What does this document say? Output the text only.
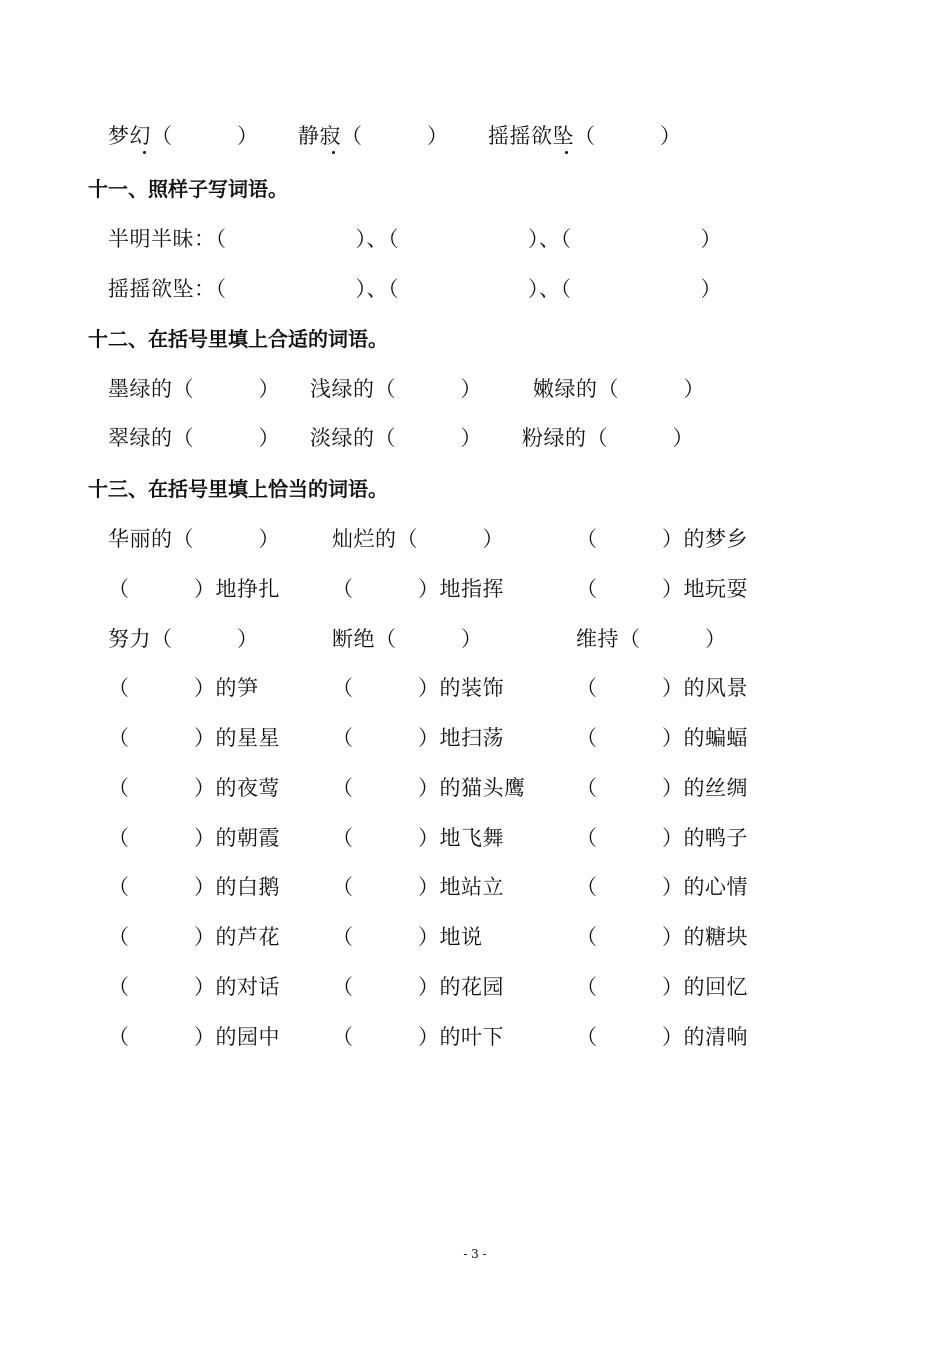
梦幻（　　　） 静寂（　　　） 摇摇欲坠（　　　）
十一、照样子写词语。
半明半昧：（　　　　　　）、（　　　　　　）、（　　　　　　）
摇摇欲坠：（　　　　　　）、（　　　　　　）、（　　　　　　）
十二、在括号里填上合适的词语。
墨绿的（　　　） 浅绿的（　　　） 嫩绿的（　　　）
翠绿的（　　　） 淡绿的（　　　） 粉绿的（　　　）
十三、在括号里填上恰当的词语。
华丽的（　　　） 灿烂的（　　　）	（　　　）的梦乡
（　　　）地挣扎 （　　　）地指挥	（　　　）地玩耍
努力（　　　）	断绝（　　　）	维持（　　　）
（　　　）的笋	（　　　）的装饰	（　　　）的风景
（　　　）的星星 （　　　）地扫荡	（　　　）的蝙蝠
（　　　）的夜莺 （　　　）的猫头鹰 （　　　）的丝绸
（　　　）的朝霞 （　　　）地飞舞	（　　　）的鸭子
（　　　）的白鹅 （　　　）地站立	（　　　）的心情
（　　　）的芦花 （　　　）地说	（　　　）的糖块
（　　　）的对话 （　　　）的花园	（　　　）的回忆
（　　　）的园中 （　　　）的叶下	（　　　）的清响
- 3 -
